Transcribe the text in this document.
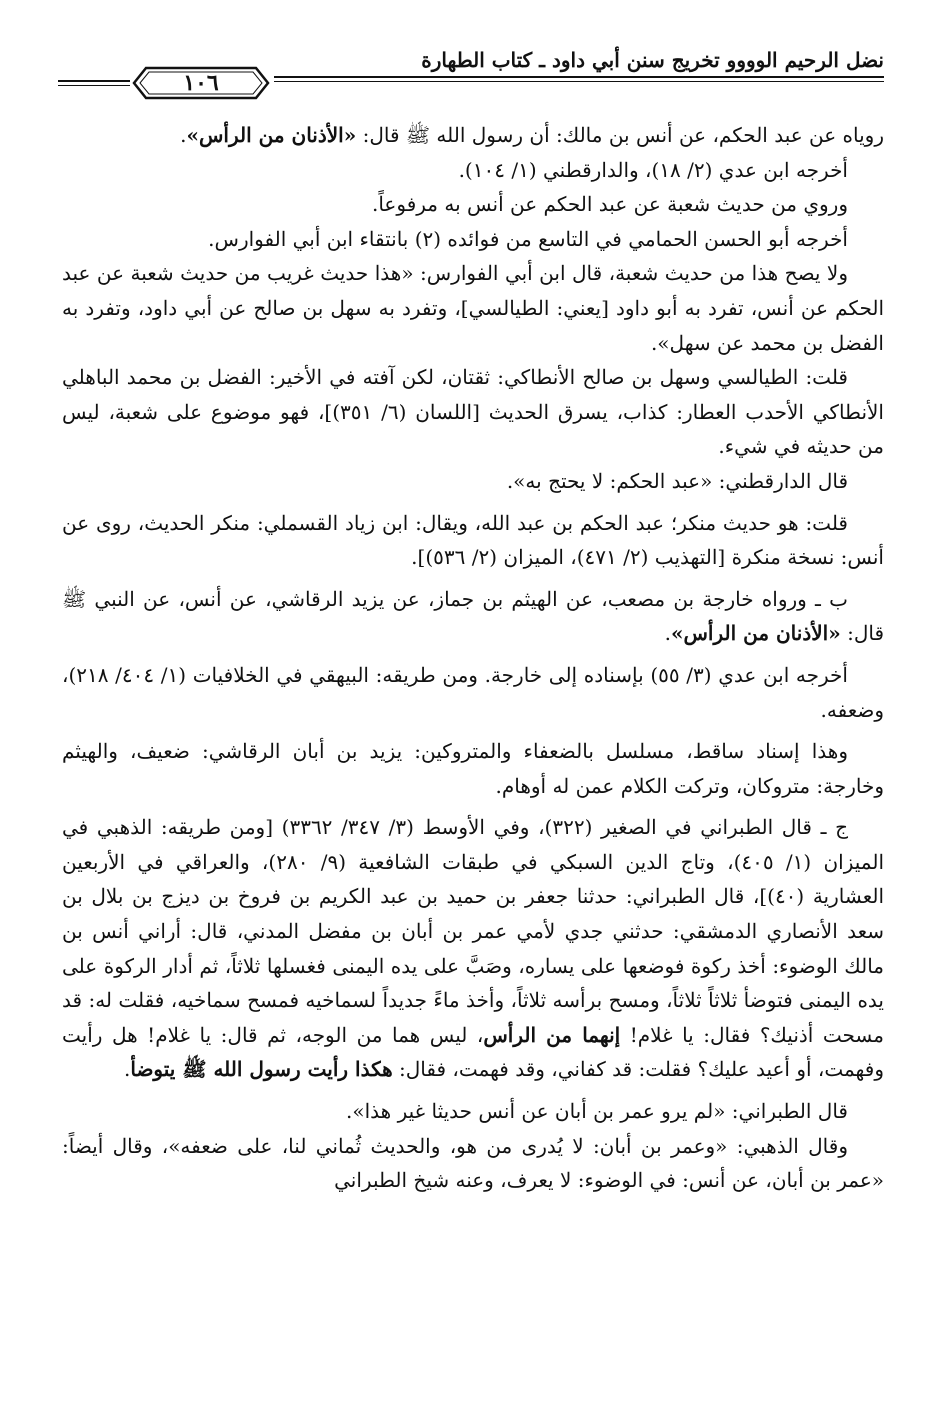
نضل الرحيم الوووو تخريج سنن أبي داود ـ كتاب الطهارة
١٠٦

روياه عن عبد الحكم، عن أنس بن مالك: أن رسول الله ﷺ قال: «الأذنان من الرأس».

أخرجه ابن عدي (٢/ ١٨)، والدارقطني (١/ ١٠٤).

وروي من حديث شعبة عن عبد الحكم عن أنس به مرفوعاً.

أخرجه أبو الحسن الحمامي في التاسع من فوائده (٢) بانتقاء ابن أبي الفوارس.

ولا يصح هذا من حديث شعبة، قال ابن أبي الفوارس: «هذا حديث غريب من حديث شعبة عن عبد الحكم عن أنس، تفرد به أبو داود [يعني: الطيالسي]، وتفرد به سهل بن صالح عن أبي داود، وتفرد به الفضل بن محمد عن سهل».

قلت: الطيالسي وسهل بن صالح الأنطاكي: ثقتان، لكن آفته في الأخير: الفضل بن محمد الباهلي الأنطاكي الأحدب العطار: كذاب، يسرق الحديث [اللسان (٦/ ٣٥١)]، فهو موضوع على شعبة، ليس من حديثه في شيء.

قال الدارقطني: «عبد الحكم: لا يحتج به».

قلت: هو حديث منكر؛ عبد الحكم بن عبد الله، ويقال: ابن زياد القسملي: منكر الحديث، روى عن أنس: نسخة منكرة [التهذيب (٢/ ٤٧١)، الميزان (٢/ ٥٣٦)].

ب ـ ورواه خارجة بن مصعب، عن الهيثم بن جماز، عن يزيد الرقاشي، عن أنس، عن النبي ﷺ قال: «الأذنان من الرأس».

أخرجه ابن عدي (٣/ ٥٥) بإسناده إلى خارجة. ومن طريقه: البيهقي في الخلافيات (١/ ٤٠٤/ ٢١٨)، وضعفه.

وهذا إسناد ساقط، مسلسل بالضعفاء والمتروكين: يزيد بن أبان الرقاشي: ضعيف، والهيثم وخارجة: متروكان، وتركت الكلام عمن له أوهام.

ج ـ قال الطبراني في الصغير (٣٢٢)، وفي الأوسط (٣/ ٣٤٧/ ٣٣٦٢) [ومن طريقه: الذهبي في الميزان (١/ ٤٠٥)، وتاج الدين السبكي في طبقات الشافعية (٩/ ٢٨٠)، والعراقي في الأربعين العشارية (٤٠)]، قال الطبراني: حدثنا جعفر بن حميد بن عبد الكريم بن فروخ بن ديزج بن بلال بن سعد الأنصاري الدمشقي: حدثني جدي لأمي عمر بن أبان بن مفضل المدني، قال: أراني أنس بن مالك الوضوء: أخذ ركوة فوضعها على يساره، وصَبَّ على يده اليمنى فغسلها ثلاثاً، ثم أدار الركوة على يده اليمنى فتوضأ ثلاثاً ثلاثاً، ومسح برأسه ثلاثاً، وأخذ ماءً جديداً لسماخيه فمسح سماخيه، فقلت له: قد مسحت أذنيك؟ فقال: يا غلام! إنهما من الرأس، ليس هما من الوجه، ثم قال: يا غلام! هل رأيت وفهمت، أو أعيد عليك؟ فقلت: قد كفاني، وقد فهمت، فقال: هكذا رأيت رسول الله ﷺ يتوضأ.

قال الطبراني: «لم يرو عمر بن أبان عن أنس حديثا غير هذا».

وقال الذهبي: «وعمر بن أبان: لا يُدرى من هو، والحديث ثُماني لنا، على ضعفه»، وقال أيضاً: «عمر بن أبان، عن أنس: في الوضوء: لا يعرف، وعنه شيخ الطبراني
